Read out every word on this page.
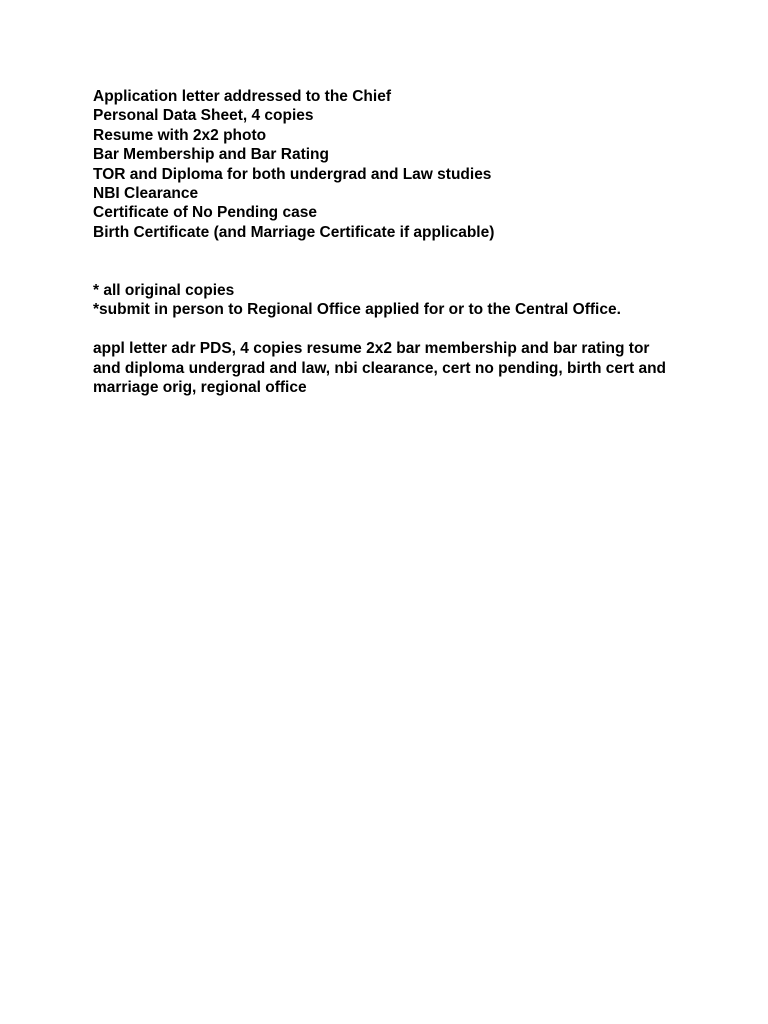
Application letter addressed to the Chief
Personal Data Sheet, 4 copies
Resume with 2x2 photo
Bar Membership and Bar Rating
TOR and Diploma for both undergrad and Law studies
NBI Clearance
Certificate of No Pending case
Birth Certificate (and Marriage Certificate if applicable)
* all original copies
*submit in person to Regional Office applied for or to the Central Office.
appl letter adr PDS, 4 copies resume 2x2 bar membership and bar rating tor and diploma undergrad and law, nbi clearance, cert no pending, birth cert and marriage orig, regional office
